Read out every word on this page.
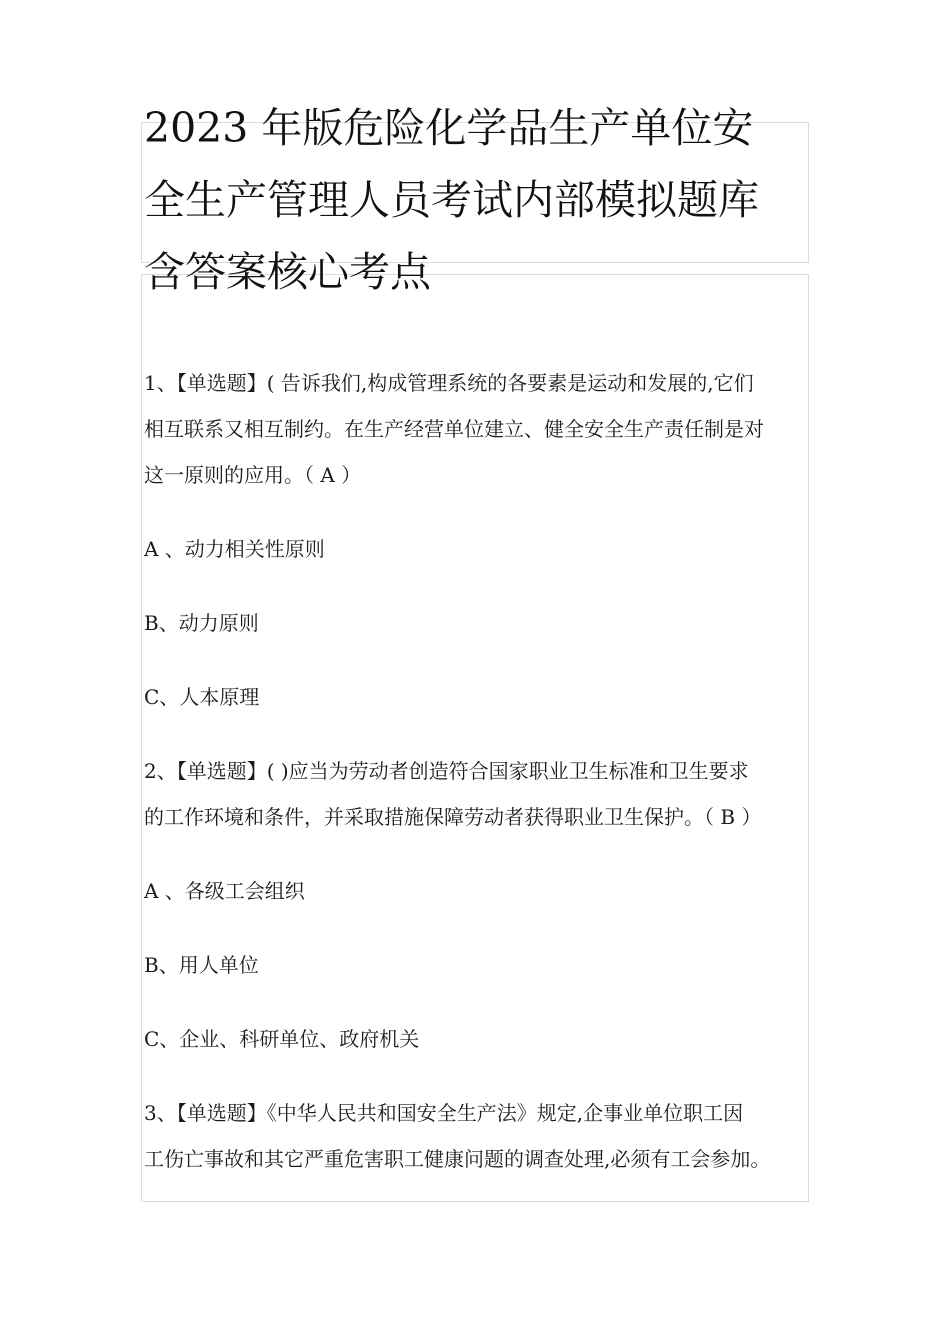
2023 年版危险化学品生产单位安
全生产管理人员考试内部模拟题库
含答案核心考点

1、【单选题】( 告诉我们,构成管理系统的各要素是运动和发展的,它们

相互联系又相互制约。在生产经营单位建立、健全安全生产责任制是对

这一原则的应用。（ A ）

A 、动力相关性原则

B、动力原则

C、人本原理

2、【单选题】( )应当为劳动者创造符合国家职业卫生标准和卫生要求

的工作环境和条件，并采取措施保障劳动者获得职业卫生保护。（ B ）

A 、各级工会组织

B、用人单位

C、企业、科研单位、政府机关

3、【单选题】《中华人民共和国安全生产法》规定,企事业单位职工因

工伤亡事故和其它严重危害职工健康问题的调查处理,必须有工会参加。
